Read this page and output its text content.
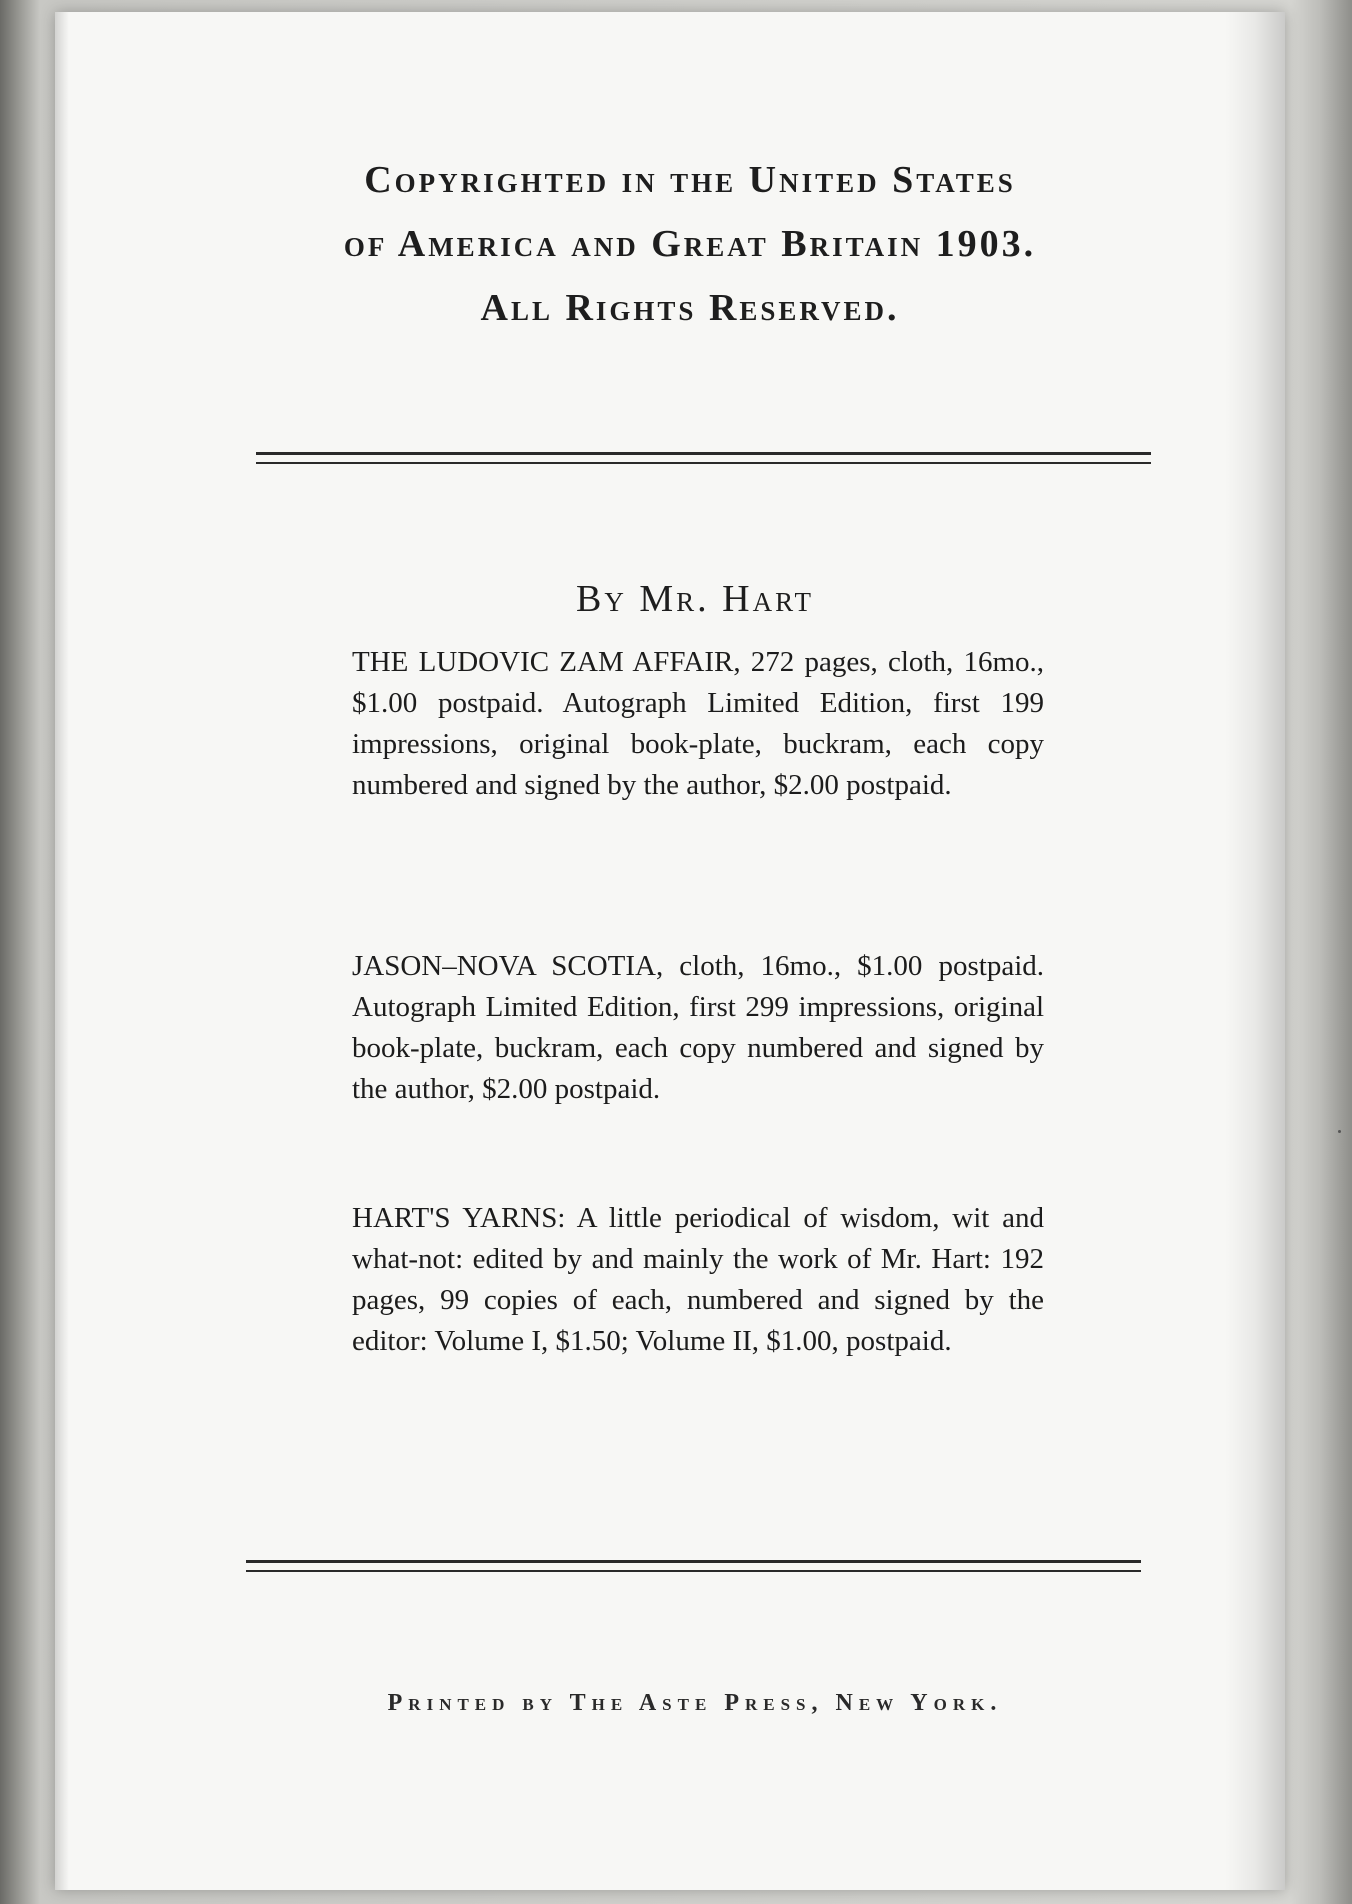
Copyrighted in the United States
of America and Great Britain 1903.
All Rights Reserved.
By Mr. Hart
THE LUDOVIC ZAM AFFAIR, 272 pages, cloth, 16mo., $1.00 postpaid. Autograph Limited Edition, first 199 impressions, original book-plate, buckram, each copy numbered and signed by the author, $2.00 postpaid.
JASON–NOVA SCOTIA, cloth, 16mo., $1.00 postpaid. Autograph Limited Edition, first 299 impressions, original book-plate, buckram, each copy numbered and signed by the author, $2.00 postpaid.
HART'S YARNS: A little periodical of wisdom, wit and what-not: edited by and mainly the work of Mr. Hart: 192 pages, 99 copies of each, numbered and signed by the editor: Volume I, $1.50; Volume II, $1.00, postpaid.
Printed by The Aste Press, New York.
